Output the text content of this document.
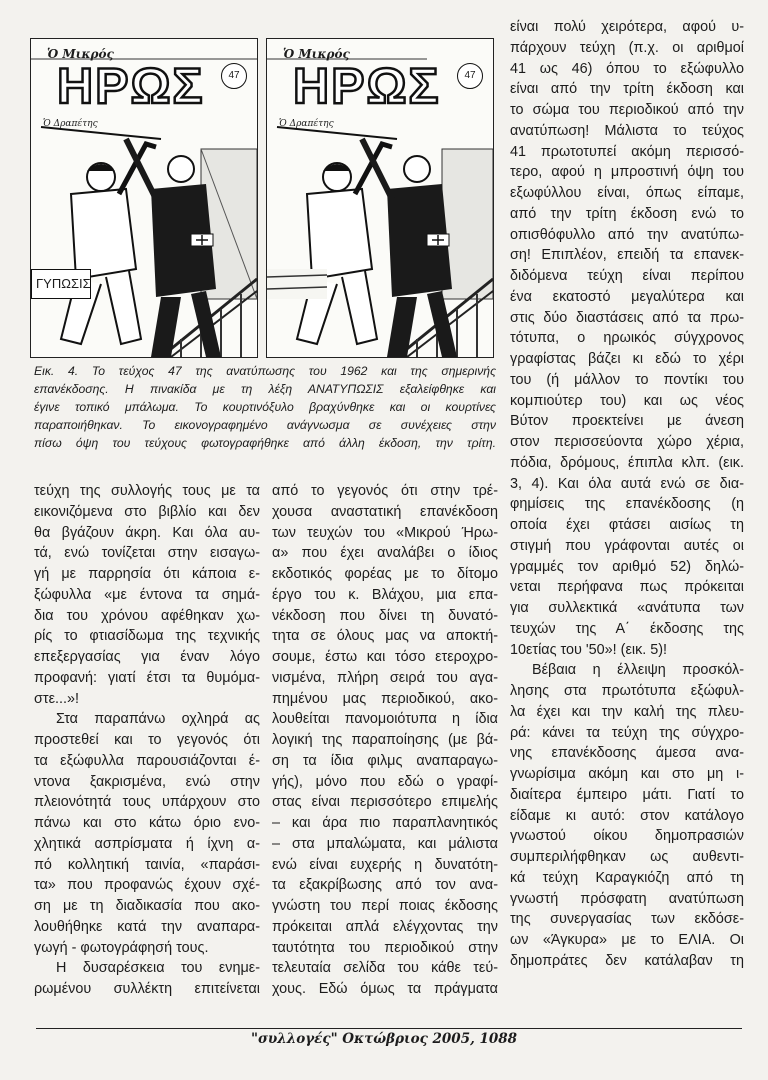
Ὁ Μικρός
ΗΡΩΣ	47
Ὁ Δραπέτης
ΓΥΠΩΣΙΣ
Ὁ Μικρός
ΗΡΩΣ	47
Ὁ Δραπέτης
Εικ. 4. Το τεύχος 47 της ανατύπωσης του 1962 και της σημερινής
επανέκδοσης. Η πινακίδα με τη λέξη ΑΝΑΤΥΠΩΣΙΣ εξαλείφθηκε και
έγινε τοπικό μπάλωμα. Το κουρτινόξυλο βραχύνθηκε και οι κουρτίνες
παραποιήθηκαν. Το εικονογραφημένο ανάγνωσμα σε συνέχειες στην
πίσω όψη του τεύχους φωτογραφήθηκε από άλλη έκδοση, την τρίτη.
τεύχη της συλλογής τους με τα
εικονιζόμενα στο βιβλίο και δεν
θα βγάζουν άκρη. Και όλα αυ-
τά, ενώ τονίζεται στην εισαγω-
γή με παρρησία ότι κάποια ε-
ξώφυλλα «με έντονα τα σημά-
δια του χρόνου αφέθηκαν χω-
ρίς το φτιασίδωμα της τεχνικής
επεξεργασίας για έναν λόγο
προφανή: γιατί έτσι τα θυμόμα-
στε...»!
Στα παραπάνω οχληρά ας
προστεθεί και το γεγονός ότι
τα εξώφυλλα παρουσιάζονται έ-
ντονα ξακρισμένα, ενώ στην
πλειονότητά τους υπάρχουν στο
πάνω και στο κάτω όριο ενο-
χλητικά ασπρίσματα ή ίχνη α-
πό κολλητική ταινία, «παράσι-
τα» που προφανώς έχουν σχέ-
ση με τη διαδικασία που ακο-
λουθήθηκε κατά την αναπαρα-
γωγή - φωτογράφησή τους.
Η δυσαρέσκεια του ενημε-
ρωμένου συλλέκτη επιτείνεται
από το γεγονός ότι στην τρέ-
χουσα αναστατική επανέκδοση
των τευχών του «Μικρού Ήρω-
α» που έχει αναλάβει ο ίδιος
εκδοτικός φορέας με το δίτομο
έργο του κ. Βλάχου, μια επα-
νέκδοση που δίνει τη δυνατό-
τητα σε όλους μας να αποκτή-
σουμε, έστω και τόσο ετεροχρο-
νισμένα, πλήρη σειρά του αγα-
πημένου μας περιοδικού, ακο-
λουθείται πανομοιότυπα η ίδια
λογική της παραποίησης (με βά-
ση τα ίδια φιλμς αναπαραγω-
γής), μόνο που εδώ ο γραφί-
στας είναι περισσότερο επιμελής
– και άρα πιο παραπλανητικός
– στα μπαλώματα, και μάλιστα
ενώ είναι ευχερής η δυνατότη-
τα εξακρίβωσης από τον ανα-
γνώστη του περί ποιας έκδοσης
πρόκειται απλά ελέγχοντας την
ταυτότητα του περιοδικού στην
τελευταία σελίδα του κάθε τεύ-
χους. Εδώ όμως τα πράγματα
είναι πολύ χειρότερα, αφού υ-
πάρχουν τεύχη (π.χ. οι αριθμοί
41 ως 46) όπου το εξώφυλλο
είναι από την τρίτη έκδοση και
το σώμα του περιοδικού από την
ανατύπωση! Μάλιστα το τεύχος
41 πρωτοτυπεί ακόμη περισσό-
τερο, αφού η μπροστινή όψη του
εξωφύλλου είναι, όπως είπαμε,
από την τρίτη έκδοση ενώ το
οπισθόφυλλο από την ανατύπω-
ση! Επιπλέον, επειδή τα επανεκ-
διδόμενα τεύχη είναι περίπου
ένα εκατοστό μεγαλύτερα και
στις δύο διαστάσεις από τα πρω-
τότυπα, ο ηρωικός σύγχρονος
γραφίστας βάζει κι εδώ το χέρι
του (ή μάλλον το ποντίκι του
κομπιούτερ του) και ως νέος
Βύτον προεκτείνει με άνεση
στον περισσεύοντα χώρο χέρια,
πόδια, δρόμους, έπιπλα κλπ. (εικ.
3, 4). Και όλα αυτά ενώ σε δια-
φημίσεις της επανέκδοσης (η
οποία έχει φτάσει αισίως τη
στιγμή που γράφονται αυτές οι
γραμμές τον αριθμό 52) δηλώ-
νεται περήφανα πως πρόκειται
για συλλεκτικά «ανάτυπα των
τευχών της Α΄ έκδοσης της
10ετίας του '50»! (εικ. 5)!
Βέβαια η έλλειψη προσκόλ-
λησης στα πρωτότυπα εξώφυλ-
λα έχει και την καλή της πλευ-
ρά: κάνει τα τεύχη της σύγχρο-
νης επανέκδοσης άμεσα ανα-
γνωρίσιμα ακόμη και στο μη ι-
διαίτερα έμπειρο μάτι. Γιατί το
είδαμε κι αυτό: στον κατάλογο
γνωστού οίκου δημοπρασιών
συμπεριλήφθηκαν ως αυθεντι-
κά τεύχη Καραγκιόζη από τη
γνωστή πρόσφατη ανατύπωση
της συνεργασίας των εκδόσε-
ων «Άγκυρα» με το ΕΛΙΑ. Οι
δημοπράτες δεν κατάλαβαν τη
"συλλογές" Οκτώβριος 2005, 1088
